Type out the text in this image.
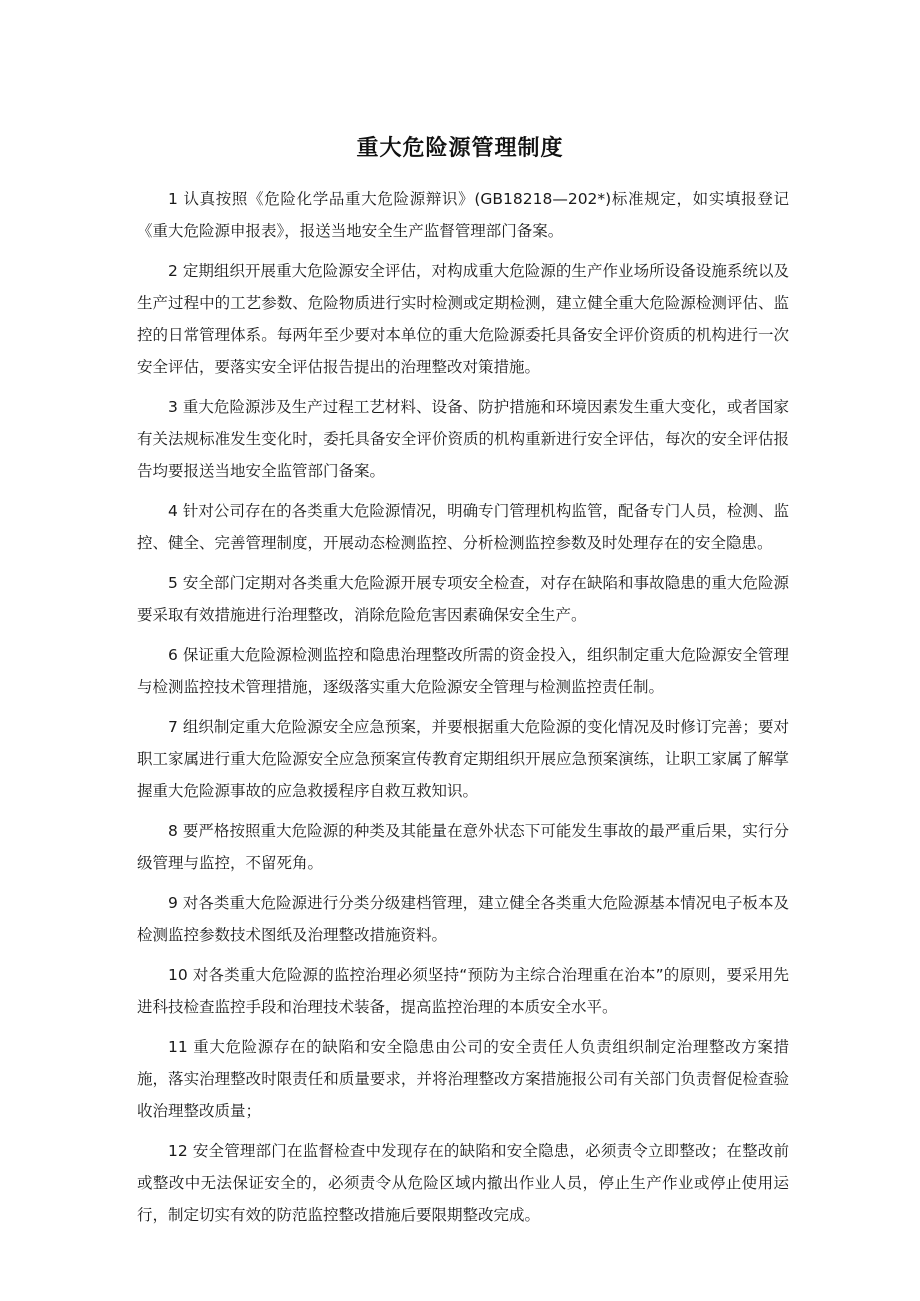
重大危险源管理制度

1 认真按照《危险化学品重大危险源辩识》(GB18218—202*)标准规定，如实填报登记《重大危险源申报表》，报送当地安全生产监督管理部门备案。

2 定期组织开展重大危险源安全评估，对构成重大危险源的生产作业场所设备设施系统以及生产过程中的工艺参数、危险物质进行实时检测或定期检测，建立健全重大危险源检测评估、监控的日常管理体系。每两年至少要对本单位的重大危险源委托具备安全评价资质的机构进行一次安全评估，要落实安全评估报告提出的治理整改对策措施。

3 重大危险源涉及生产过程工艺材料、设备、防护措施和环境因素发生重大变化，或者国家有关法规标准发生变化时，委托具备安全评价资质的机构重新进行安全评估，每次的安全评估报告均要报送当地安全监管部门备案。

4 针对公司存在的各类重大危险源情况，明确专门管理机构监管，配备专门人员，检测、监控、健全、完善管理制度，开展动态检测监控、分析检测监控参数及时处理存在的安全隐患。

5 安全部门定期对各类重大危险源开展专项安全检查，对存在缺陷和事故隐患的重大危险源要采取有效措施进行治理整改，消除危险危害因素确保安全生产。

6 保证重大危险源检测监控和隐患治理整改所需的资金投入，组织制定重大危险源安全管理与检测监控技术管理措施，逐级落实重大危险源安全管理与检测监控责任制。

7 组织制定重大危险源安全应急预案，并要根据重大危险源的变化情况及时修订完善；要对职工家属进行重大危险源安全应急预案宣传教育定期组织开展应急预案演练，让职工家属了解掌握重大危险源事故的应急救援程序自救互救知识。

8 要严格按照重大危险源的种类及其能量在意外状态下可能发生事故的最严重后果，实行分级管理与监控，不留死角。

9 对各类重大危险源进行分类分级建档管理，建立健全各类重大危险源基本情况电子板本及检测监控参数技术图纸及治理整改措施资料。

10 对各类重大危险源的监控治理必须坚持“预防为主综合治理重在治本”的原则，要采用先进科技检查监控手段和治理技术装备，提高监控治理的本质安全水平。

11 重大危险源存在的缺陷和安全隐患由公司的安全责任人负责组织制定治理整改方案措施，落实治理整改时限责任和质量要求，并将治理整改方案措施报公司有关部门负责督促检查验收治理整改质量；

12 安全管理部门在监督检查中发现存在的缺陷和安全隐患，必须责令立即整改；在整改前或整改中无法保证安全的，必须责令从危险区域内撤出作业人员，停止生产作业或停止使用运行，制定切实有效的防范监控整改措施后要限期整改完成。
